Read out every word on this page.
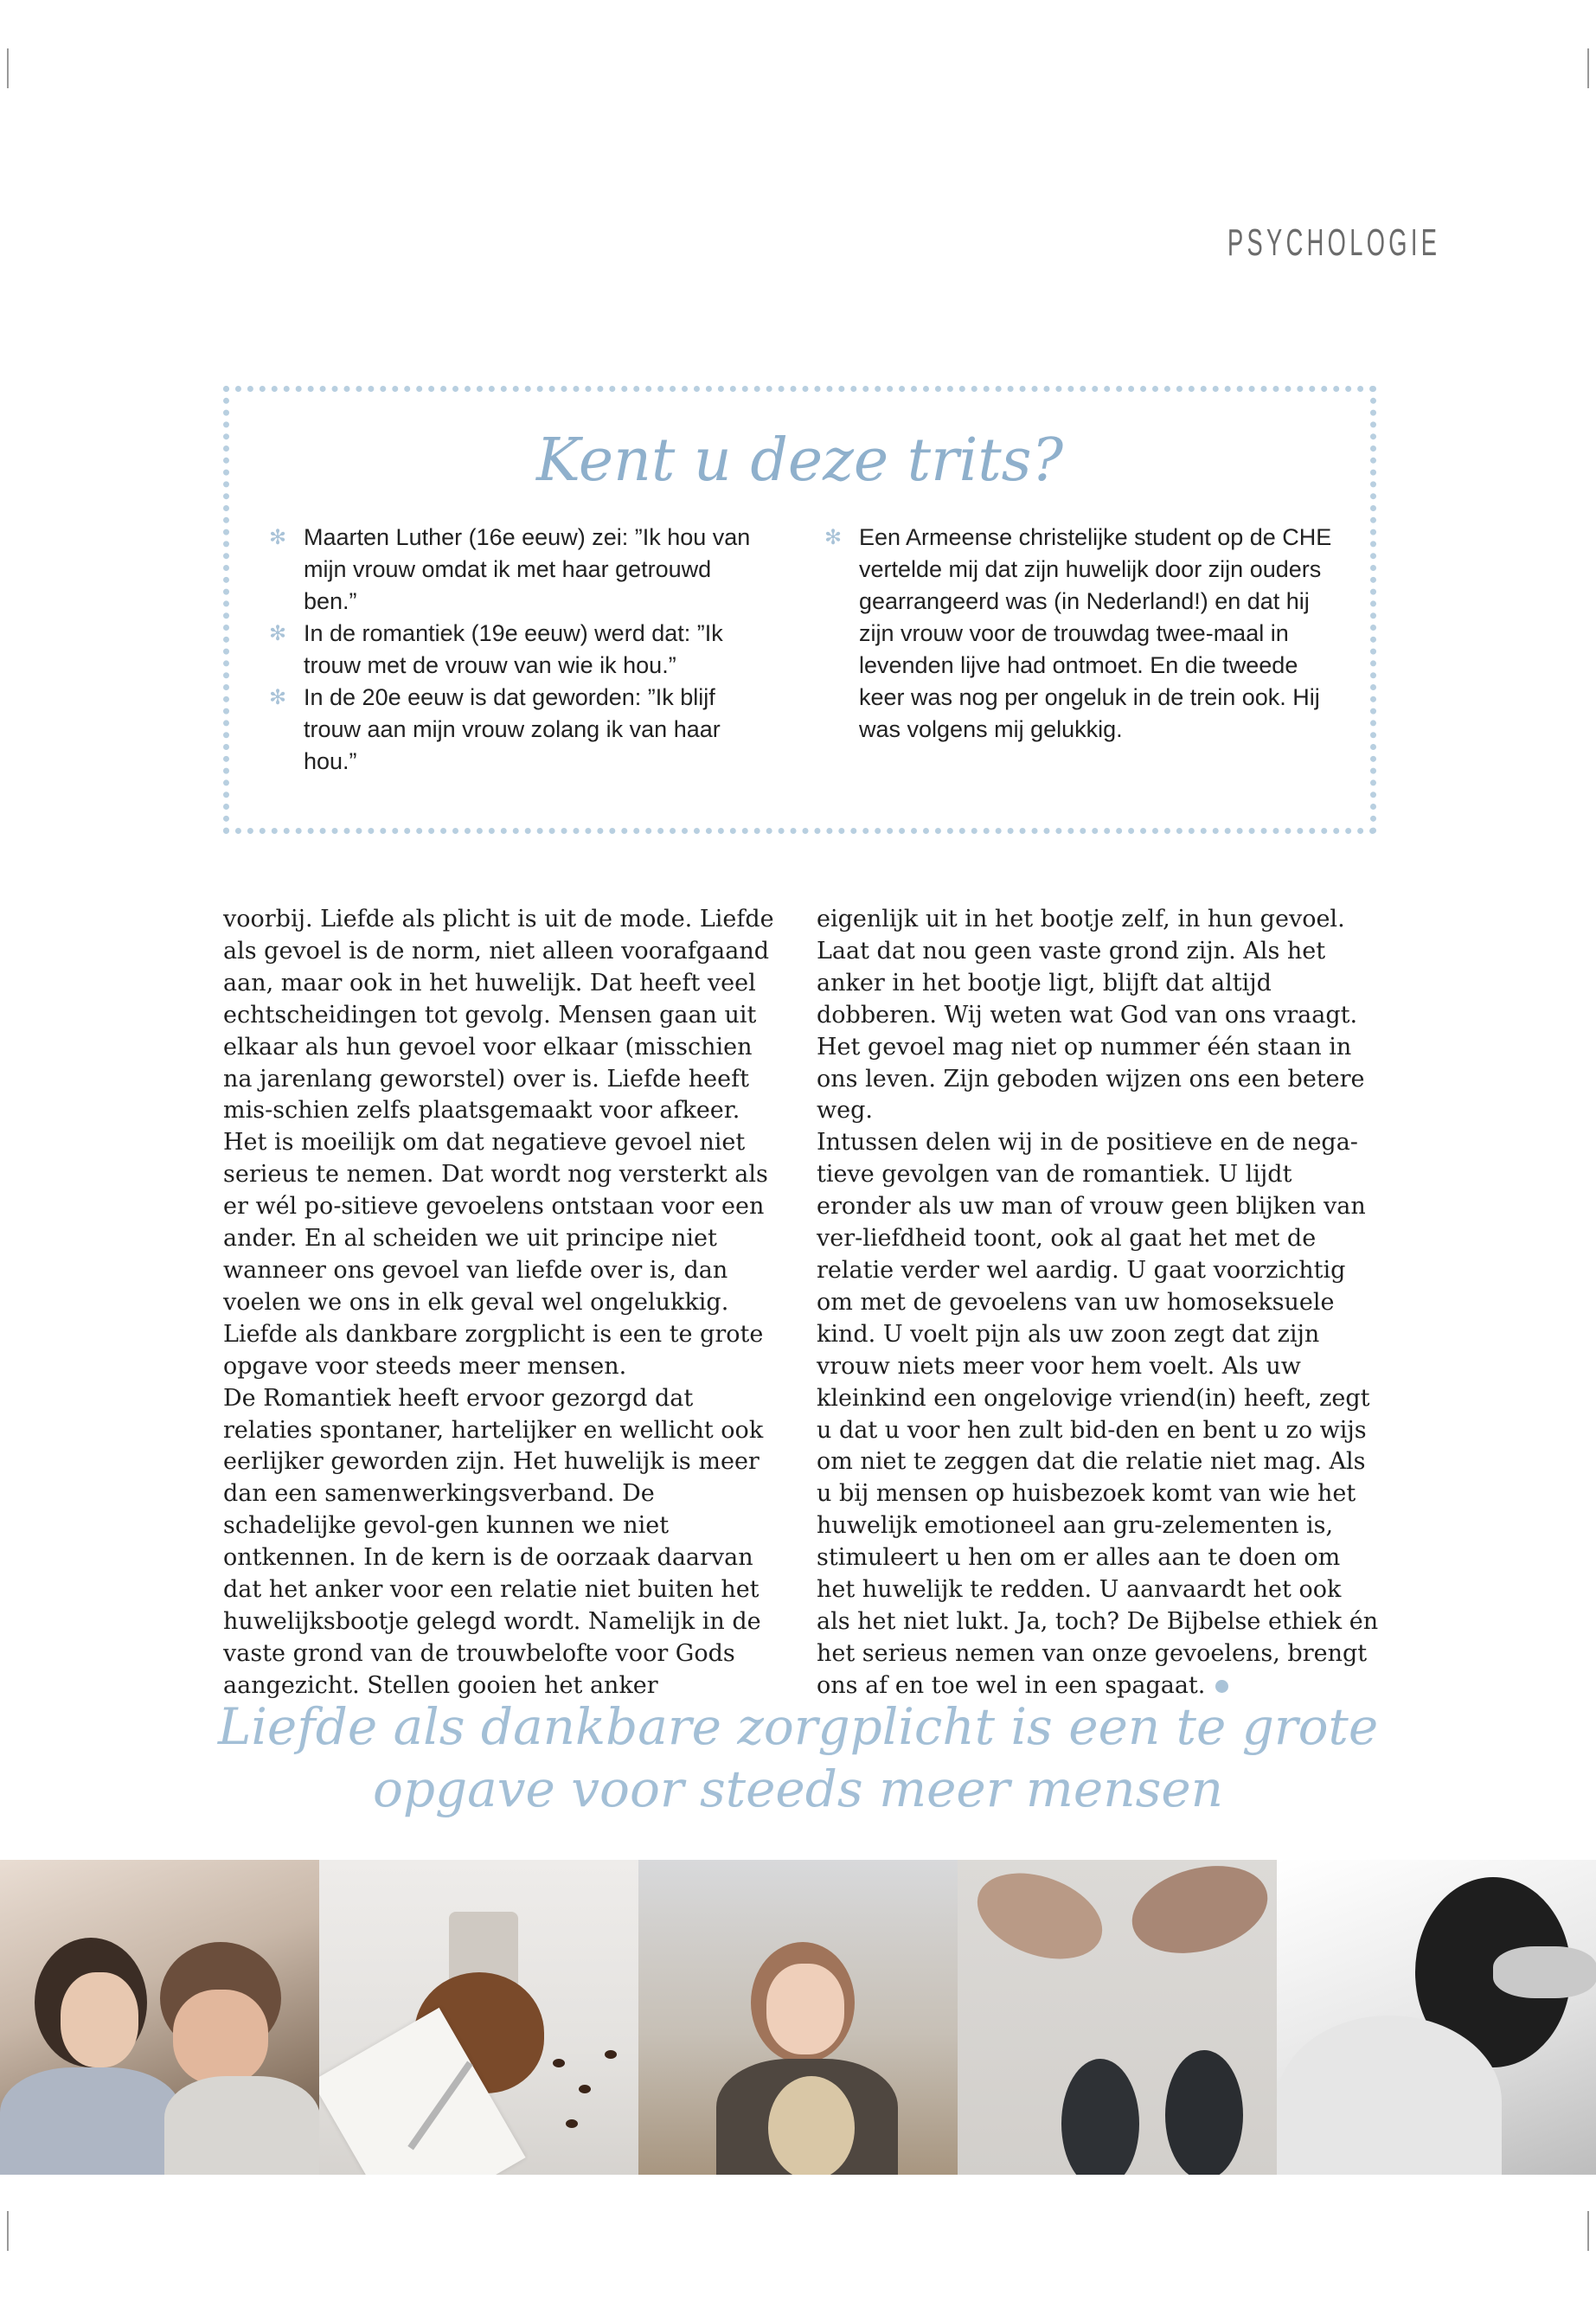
PSYCHOLOGIE
Kent u deze trits?
✻ Maarten Luther (16e eeuw) zei: ”Ik hou van mijn vrouw omdat ik met haar getrouwd ben.”
✻ In de romantiek (19e eeuw) werd dat: ”Ik trouw met de vrouw van wie ik hou.”
✻ In de 20e eeuw is dat geworden: ”Ik blijf trouw aan mijn vrouw zolang ik van haar hou.”
✻ Een Armeense christelijke student op de CHE vertelde mij dat zijn huwelijk door zijn ouders gearrangeerd was (in Nederland!) en dat hij zijn vrouw voor de trouwdag twee-maal in levenden lijve had ontmoet. En die tweede keer was nog per ongeluk in de trein ook. Hij was volgens mij gelukkig.

voorbij. Liefde als plicht is uit de mode. Liefde als gevoel is de norm, niet alleen voorafgaand aan, maar ook in het huwelijk. Dat heeft veel echtscheidingen tot gevolg. Mensen gaan uit elkaar als hun gevoel voor elkaar (misschien na jarenlang geworstel) over is. Liefde heeft mis-schien zelfs plaatsgemaakt voor afkeer. Het is moeilijk om dat negatieve gevoel niet serieus te nemen. Dat wordt nog versterkt als er wél po-sitieve gevoelens ontstaan voor een ander. En al scheiden we uit principe niet wanneer ons gevoel van liefde over is, dan voelen we ons in elk geval wel ongelukkig. Liefde als dankbare zorgplicht is een te grote opgave voor steeds meer mensen.

De Romantiek heeft ervoor gezorgd dat relaties spontaner, hartelijker en wellicht ook eerlijker geworden zijn. Het huwelijk is meer dan een samenwerkingsverband. De schadelijke gevol-gen kunnen we niet ontkennen. In de kern is de oorzaak daarvan dat het anker voor een relatie niet buiten het huwelijksbootje gelegd wordt. Namelijk in de vaste grond van de trouwbelofte voor Gods aangezicht. Stellen gooien het anker

eigenlijk uit in het bootje zelf, in hun gevoel. Laat dat nou geen vaste grond zijn. Als het anker in het bootje ligt, blijft dat altijd dobberen. Wij weten wat God van ons vraagt. Het gevoel mag niet op nummer één staan in ons leven. Zijn geboden wijzen ons een betere weg.

Intussen delen wij in de positieve en de nega-tieve gevolgen van de romantiek. U lijdt eronder als uw man of vrouw geen blijken van ver-liefdheid toont, ook al gaat het met de relatie verder wel aardig. U gaat voorzichtig om met de gevoelens van uw homoseksuele kind. U voelt pijn als uw zoon zegt dat zijn vrouw niets meer voor hem voelt. Als uw kleinkind een ongelovige vriend(in) heeft, zegt u dat u voor hen zult bid-den en bent u zo wijs om niet te zeggen dat die relatie niet mag. Als u bij mensen op huisbezoek komt van wie het huwelijk emotioneel aan gru-zelementen is, stimuleert u hen om er alles aan te doen om het huwelijk te redden. U aanvaardt het ook als het niet lukt. Ja, toch? De Bijbelse ethiek én het serieus nemen van onze gevoelens, brengt ons af en toe wel in een spagaat.

Liefde als dankbare zorgplicht is een te grote
opgave voor steeds meer mensen
